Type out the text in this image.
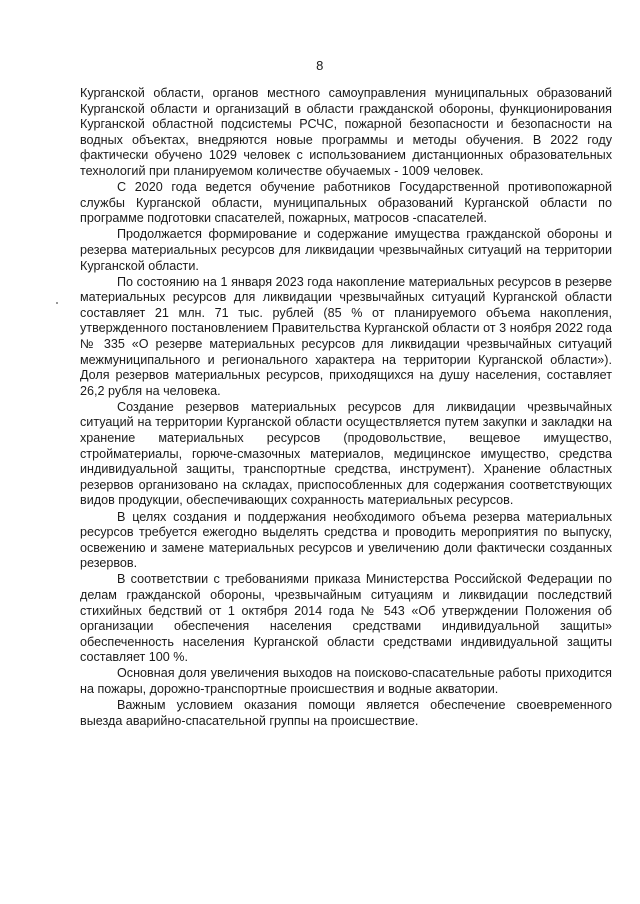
8

Курганской области, органов местного самоуправления муниципальных образований Курганской области и организаций в области гражданской обороны, функционирования Курганской областной подсистемы РСЧС, пожарной безопасности и безопасности на водных объектах, внедряются новые программы и методы обучения. В 2022 году фактически обучено 1029 человек с использованием дистанционных образовательных технологий при планируемом количестве обучаемых - 1009 человек.

С 2020 года ведется обучение работников Государственной противопожарной службы Курганской области, муниципальных образований Курганской области по программе подготовки спасателей, пожарных, матросов -спасателей.

Продолжается формирование и содержание имущества гражданской обороны и резерва материальных ресурсов для ликвидации чрезвычайных ситуаций на территории Курганской области.

По состоянию на 1 января 2023 года накопление материальных ресурсов в резерве материальных ресурсов для ликвидации чрезвычайных ситуаций Курганской области составляет 21 млн. 71 тыс. рублей (85 % от планируемого объема накопления, утвержденного постановлением Правительства Курганской области от 3 ноября 2022 года № 335 «О резерве материальных ресурсов для ликвидации чрезвычайных ситуаций межмуниципального и регионального характера на территории Курганской области»). Доля резервов материальных ресурсов, приходящихся на душу населения, составляет 26,2 рубля на человека.

Создание резервов материальных ресурсов для ликвидации чрезвычайных ситуаций на территории Курганской области осуществляется путем закупки и закладки на хранение материальных ресурсов (продовольствие, вещевое имущество, стройматериалы, горюче-смазочных материалов, медицинское имущество, средства индивидуальной защиты, транспортные средства, инструмент). Хранение областных резервов организовано на складах, приспособленных для содержания соответствующих видов продукции, обеспечивающих сохранность материальных ресурсов.

В целях создания и поддержания необходимого объема резерва материальных ресурсов требуется ежегодно выделять средства и проводить мероприятия по выпуску, освежению и замене материальных ресурсов и увеличению доли фактически созданных резервов.

В соответствии с требованиями приказа Министерства Российской Федерации по делам гражданской обороны, чрезвычайным ситуациям и ликвидации последствий стихийных бедствий от 1 октября 2014 года № 543 «Об утверждении Положения об организации обеспечения населения средствами индивидуальной защиты» обеспеченность населения Курганской области средствами индивидуальной защиты составляет 100 %.

Основная доля увеличения выходов на поисково-спасательные работы приходится на пожары, дорожно-транспортные происшествия и водные акватории.

Важным условием оказания помощи является обеспечение своевременного выезда аварийно-спасательной группы на происшествие.
